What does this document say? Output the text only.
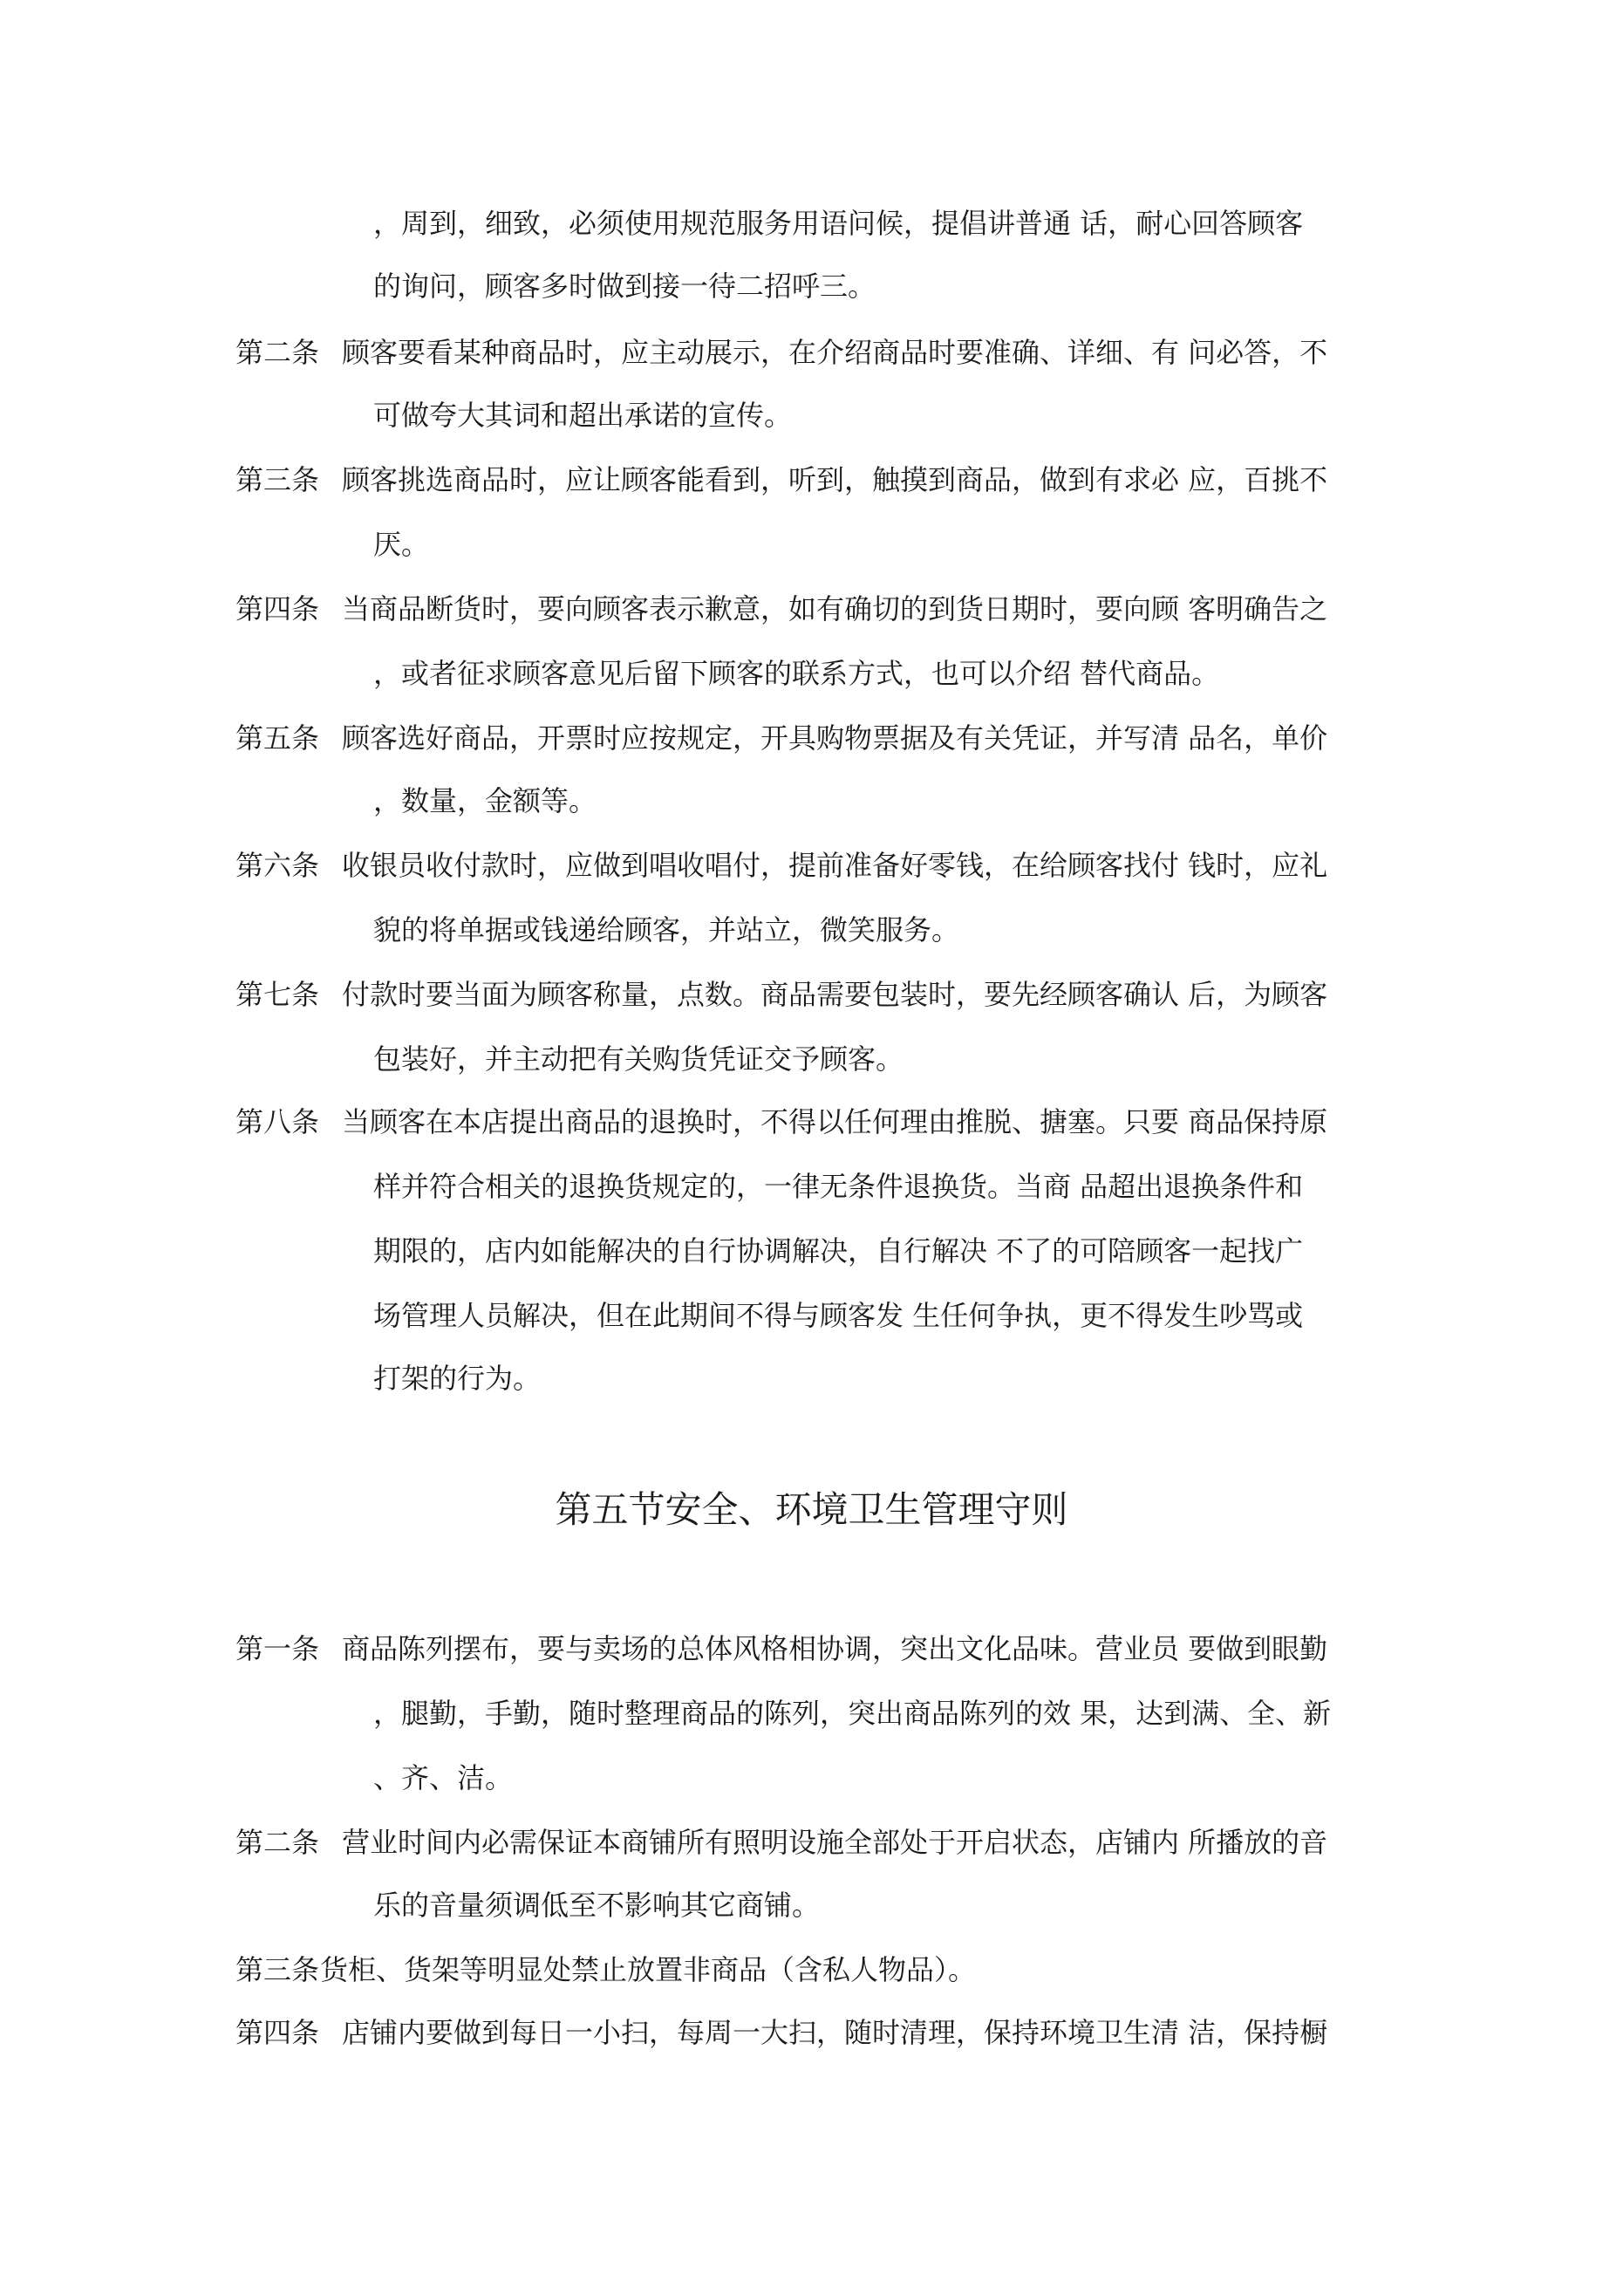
，周到，细致，必须使用规范服务用语问候，提倡讲普通 话，耐心回答顾客
的询问，顾客多时做到接一待二招呼三。
第二条 顾客要看某种商品时，应主动展示，在介绍商品时要准确、详细、有 问必答，不
可做夸大其词和超出承诺的宣传。
第三条 顾客挑选商品时，应让顾客能看到，听到，触摸到商品，做到有求必 应，百挑不
厌。
第四条 当商品断货时，要向顾客表示歉意，如有确切的到货日期时，要向顾 客明确告之
，或者征求顾客意见后留下顾客的联系方式，也可以介绍 替代商品。
第五条 顾客选好商品，开票时应按规定，开具购物票据及有关凭证，并写清 品名，单价
，数量，金额等。
第六条 收银员收付款时，应做到唱收唱付，提前准备好零钱，在给顾客找付 钱时，应礼
貌的将单据或钱递给顾客，并站立，微笑服务。
第七条 付款时要当面为顾客称量，点数。商品需要包装时，要先经顾客确认 后，为顾客
包装好，并主动把有关购货凭证交予顾客。
第八条 当顾客在本店提出商品的退换时，不得以任何理由推脱、搪塞。只要 商品保持原
样并符合相关的退换货规定的，一律无条件退换货。当商 品超出退换条件和
期限的，店内如能解决的自行协调解决，自行解决 不了的可陪顾客一起找广
场管理人员解决，但在此期间不得与顾客发 生任何争执，更不得发生吵骂或
打架的行为。
第五节安全、环境卫生管理守则
第一条 商品陈列摆布，要与卖场的总体风格相协调，突出文化品味。营业员 要做到眼勤
，腿勤，手勤，随时整理商品的陈列，突出商品陈列的效 果，达到满、全、新
、齐、洁。
第二条 营业时间内必需保证本商铺所有照明设施全部处于开启状态，店铺内 所播放的音
乐的音量须调低至不影响其它商铺。
第三条 货柜、货架等明显处禁止放置非商品（含私人物品）。
第四条 店铺内要做到每日一小扫，每周一大扫，随时清理，保持环境卫生清 洁，保持橱
